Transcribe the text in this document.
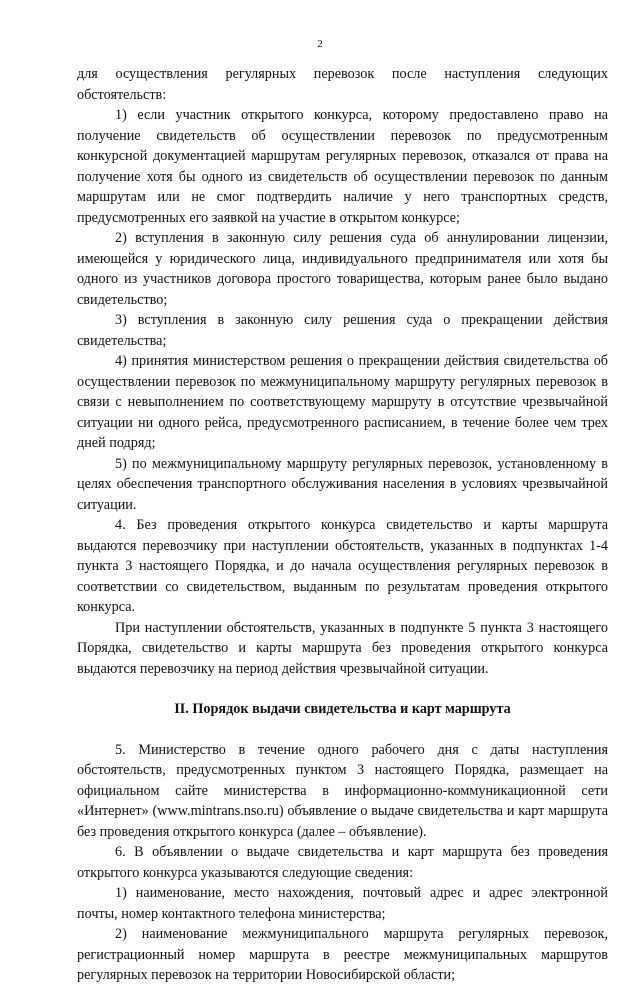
2

для осуществления регулярных перевозок после наступления следующих обстоятельств:

1) если участник открытого конкурса, которому предоставлено право на получение свидетельств об осуществлении перевозок по предусмотренным конкурсной документацией маршрутам регулярных перевозок, отказался от права на получение хотя бы одного из свидетельств об осуществлении перевозок по данным маршрутам или не смог подтвердить наличие у него транспортных средств, предусмотренных его заявкой на участие в открытом конкурсе;

2) вступления в законную силу решения суда об аннулировании лицензии, имеющейся у юридического лица, индивидуального предпринимателя или хотя бы одного из участников договора простого товарищества, которым ранее было выдано свидетельство;

3) вступления в законную силу решения суда о прекращении действия свидетельства;

4) принятия министерством решения о прекращении действия свидетельства об осуществлении перевозок по межмуниципальному маршруту регулярных перевозок в связи с невыполнением по соответствующему маршруту в отсутствие чрезвычайной ситуации ни одного рейса, предусмотренного расписанием, в течение более чем трех дней подряд;

5) по межмуниципальному маршруту регулярных перевозок, установленному в целях обеспечения транспортного обслуживания населения в условиях чрезвычайной ситуации.

4. Без проведения открытого конкурса свидетельство и карты маршрута выдаются перевозчику при наступлении обстоятельств, указанных в подпунктах 1-4 пункта 3 настоящего Порядка, и до начала осуществления регулярных перевозок в соответствии со свидетельством, выданным по результатам проведения открытого конкурса.

При наступлении обстоятельств, указанных в подпункте 5 пункта 3 настоящего Порядка, свидетельство и карты маршрута без проведения открытого конкурса выдаются перевозчику на период действия чрезвычайной ситуации.

II. Порядок выдачи свидетельства и карт маршрута

5. Министерство в течение одного рабочего дня с даты наступления обстоятельств, предусмотренных пунктом 3 настоящего Порядка, размещает на официальном сайте министерства в информационно-коммуникационной сети «Интернет» (www.mintrans.nso.ru) объявление о выдаче свидетельства и карт маршрута без проведения открытого конкурса (далее – объявление).

6. В объявлении о выдаче свидетельства и карт маршрута без проведения открытого конкурса указываются следующие сведения:

1) наименование, место нахождения, почтовый адрес и адрес электронной почты, номер контактного телефона министерства;

2) наименование межмуниципального маршрута регулярных перевозок, регистрационный номер маршрута в реестре межмуниципальных маршрутов регулярных перевозок на территории Новосибирской области;
